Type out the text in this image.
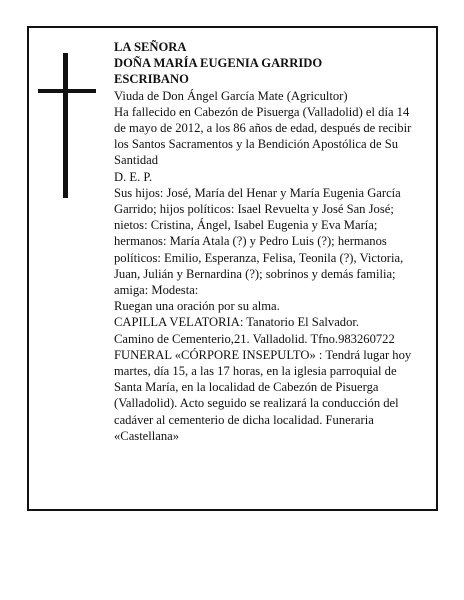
LA SEÑORA

DOÑA MARÍA EUGENIA GARRIDO

ESCRIBANO

Viuda de Don Ángel García Mate (Agricultor)

Ha fallecido en Cabezón de Pisuerga (Valladolid) el día 14 de mayo de 2012, a los 86 años de edad, después de recibir los Santos Sacramentos y la Bendición Apostólica de Su Santidad

D. E. P.

Sus hijos: José, María del Henar y María Eugenia García Garrido; hijos políticos: Isael Revuelta y José San José; nietos: Cristina, Ángel, Isabel Eugenia y Eva María; hermanos: María Atala (?) y Pedro Luis (?); hermanos políticos: Emilio, Esperanza, Felisa, Teonila (?), Victoria, Juan, Julián y Bernardina (?); sobrinos y demás familia; amiga: Modesta:

Ruegan una oración por su alma.

CAPILLA VELATORIA: Tanatorio El Salvador.

Camino de Cementerio,21. Valladolid. Tfno.983260722

FUNERAL «CÓRPORE INSEPULTO» : Tendrá lugar hoy martes, día 15, a las 17 horas, en la iglesia parroquial de Santa María, en la localidad de Cabezón de Pisuerga (Valladolid). Acto seguido se realizará la conducción del cadáver al cementerio de dicha localidad. Funeraria «Castellana»
